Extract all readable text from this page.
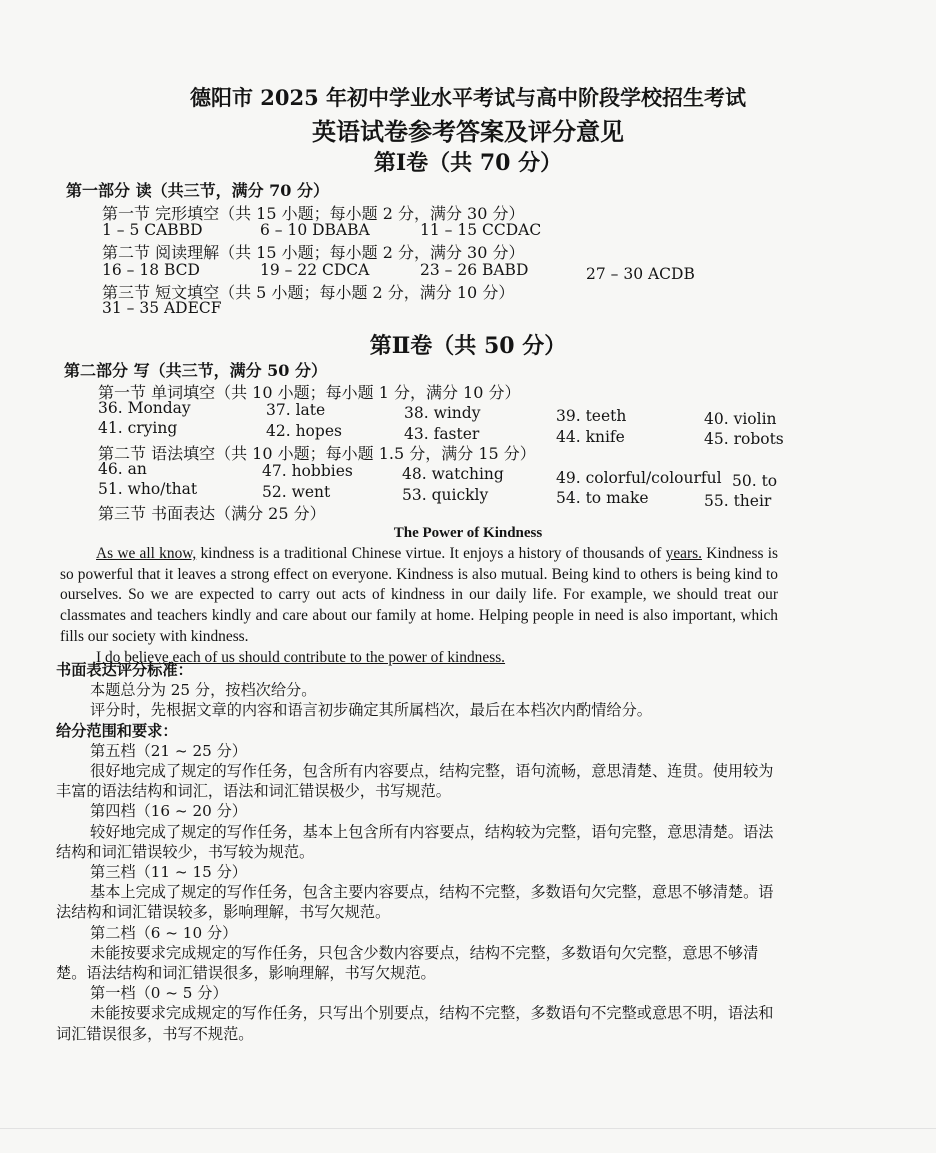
德阳市 2025 年初中学业水平考试与高中阶段学校招生考试
英语试卷参考答案及评分意见
第Ⅰ卷（共 70 分）
第一部分 读（共三节，满分 70 分）
第一节 完形填空（共 15 小题；每小题 2 分，满分 30 分）
1 – 5 CABBD	6 – 10 DBABA	11 – 15 CCDAC
第二节 阅读理解（共 15 小题；每小题 2 分，满分 30 分）
16 – 18 BCD	19 – 22 CDCA	23 – 26 BABD	27 – 30 ACDB
第三节 短文填空（共 5 小题；每小题 2 分，满分 10 分）
31 – 35 ADECF
第Ⅱ卷（共 50 分）
第二部分 写（共三节，满分 50 分）
第一节 单词填空（共 10 小题；每小题 1 分，满分 10 分）
36. Monday	37. late	38. windy	39. teeth	40. violin
41. crying	42. hopes	43. faster	44. knife	45. robots
第二节 语法填空（共 10 小题；每小题 1.5 分，满分 15 分）
46. an	47. hobbies	48. watching	49. colorful/colourful 50. to
51. who/that	52. went	53. quickly	54. to make	55. their
第三节 书面表达（满分 25 分）
The Power of Kindness

As we all know, kindness is a traditional Chinese virtue. It enjoys a history of thousands of years. Kindness is so powerful that it leaves a strong effect on everyone. Kindness is also mutual. Being kind to others is being kind to ourselves. So we are expected to carry out acts of kindness in our daily life. For example, we should treat our classmates and teachers kindly and care about our family at home. Helping people in need is also important, which fills our society with kindness.

I do believe each of us should contribute to the power of kindness.

书面表达评分标准：
本题总分为 25 分，按档次给分。
评分时，先根据文章的内容和语言初步确定其所属档次，最后在本档次内酌情给分。
给分范围和要求：
第五档（21 ~ 25 分）
很好地完成了规定的写作任务，包含所有内容要点，结构完整，语句流畅，意思清楚、连贯。使用较为丰富的语法结构和词汇，语法和词汇错误极少，书写规范。
第四档（16 ~ 20 分）
较好地完成了规定的写作任务，基本上包含所有内容要点，结构较为完整，语句完整，意思清楚。语法结构和词汇错误较少，书写较为规范。
第三档（11 ~ 15 分）
基本上完成了规定的写作任务，包含主要内容要点，结构不完整，多数语句欠完整，意思不够清楚。语法结构和词汇错误较多，影响理解，书写欠规范。
第二档（6 ~ 10 分）
未能按要求完成规定的写作任务，只包含少数内容要点，结构不完整，多数语句欠完整，意思不够清楚。语法结构和词汇错误很多，影响理解，书写欠规范。
第一档（0 ~ 5 分）
未能按要求完成规定的写作任务，只写出个别要点，结构不完整，多数语句不完整或意思不明，语法和词汇错误很多，书写不规范。
